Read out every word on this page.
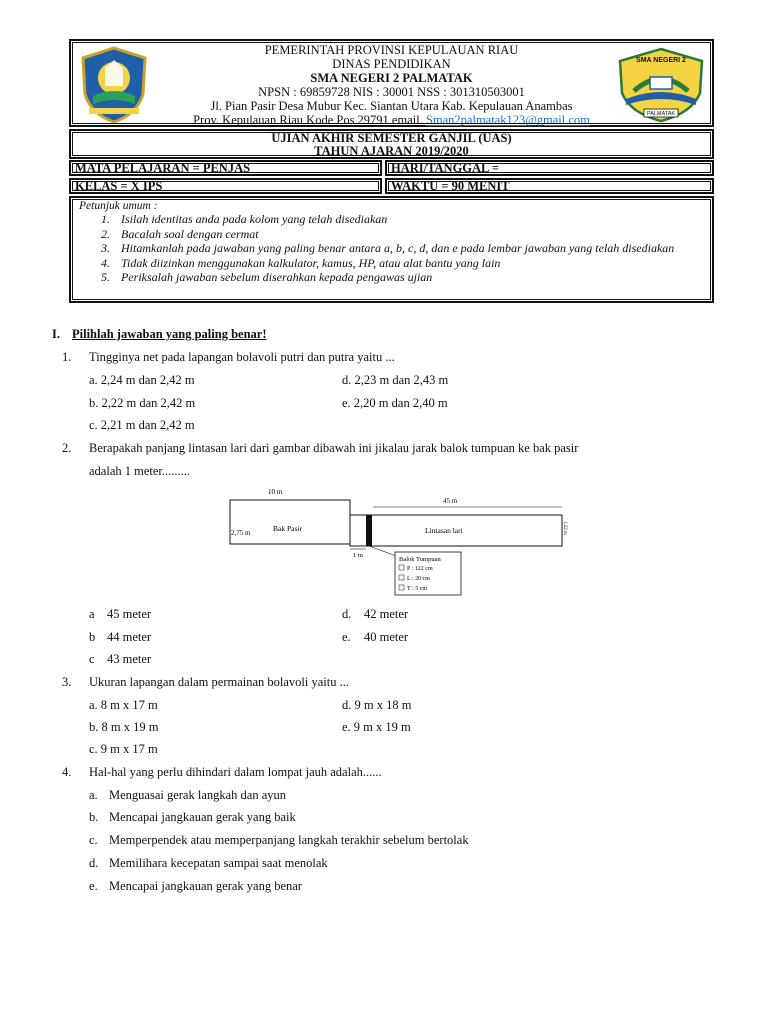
PEMERINTAH PROVINSI KEPULAUAN RIAU
DINAS PENDIDIKAN
SMA NEGERI 2 PALMATAK
NPSN : 69859728 NIS : 30001 NSS : 301310503001
Jl. Pian Pasir Desa Mubur Kec. Siantan Utara Kab. Kepulauan Anambas
Prov. Kepulauan Riau Kode Pos 29791 email. Sman2palmatak123@gmail.com
SMA NEGERI 2
PALMATAK
UJIAN AKHIR SEMESTER GANJIL (UAS)
TAHUN AJARAN 2019/2020
MATA PELAJARAN = PENJAS	HARI/TANGGAL =
KELAS = X IPS	WAKTU = 90 MENIT
Petunjuk umum :
1. Isilah identitas anda pada kolom yang telah disediakan
2. Bacalah soal dengan cermat
3. Hitamkanlah pada jawaban yang paling benar antara a, b, c, d, dan e pada lembar jawaban yang telah disediakan
4. Tidak diizinkan menggunakan kalkulator, kamus, HP, atau alat bantu yang lain
5. Periksalah jawaban sebelum diserahkan kepada pengawas ujian
I. Pilihlah jawaban yang paling benar!
1. Tingginya net pada lapangan bolavoli putri dan putra yaitu ...
a. 2,24 m dan 2,42 m	d. 2,23 m dan 2,43 m
b. 2,22 m dan 2,42 m	e. 2,20 m dan 2,40 m
c. 2,21 m dan 2,42 m
2. Berapakah panjang lintasan lari dari gambar dibawah ini jikalau jarak balok tumpuan ke bak pasir
adalah 1 meter.........
Bak Pasir
2,75 m
10 m
Lintasan lari
45 m
1,22 m
1 m
Balok Tumpuan
P : 122 cm
L : 20 cm
T : 5 cm
a 45 meter	d. 42 meter
b 44 meter	e. 40 meter
c 43 meter
3. Ukuran lapangan dalam permainan bolavoli yaitu ...
a. 8 m x 17 m	d. 9 m x 18 m
b. 8 m x 19 m	e. 9 m x 19 m
c. 9 m x 17 m
4. Hal-hal yang perlu dihindari dalam lompat jauh adalah......
a. Menguasai gerak langkah dan ayun
b. Mencapai jangkauan gerak yang baik
c. Memperpendek atau memperpanjang langkah terakhir sebelum bertolak
d. Memilihara kecepatan sampai saat menolak
e. Mencapai jangkauan gerak yang benar
